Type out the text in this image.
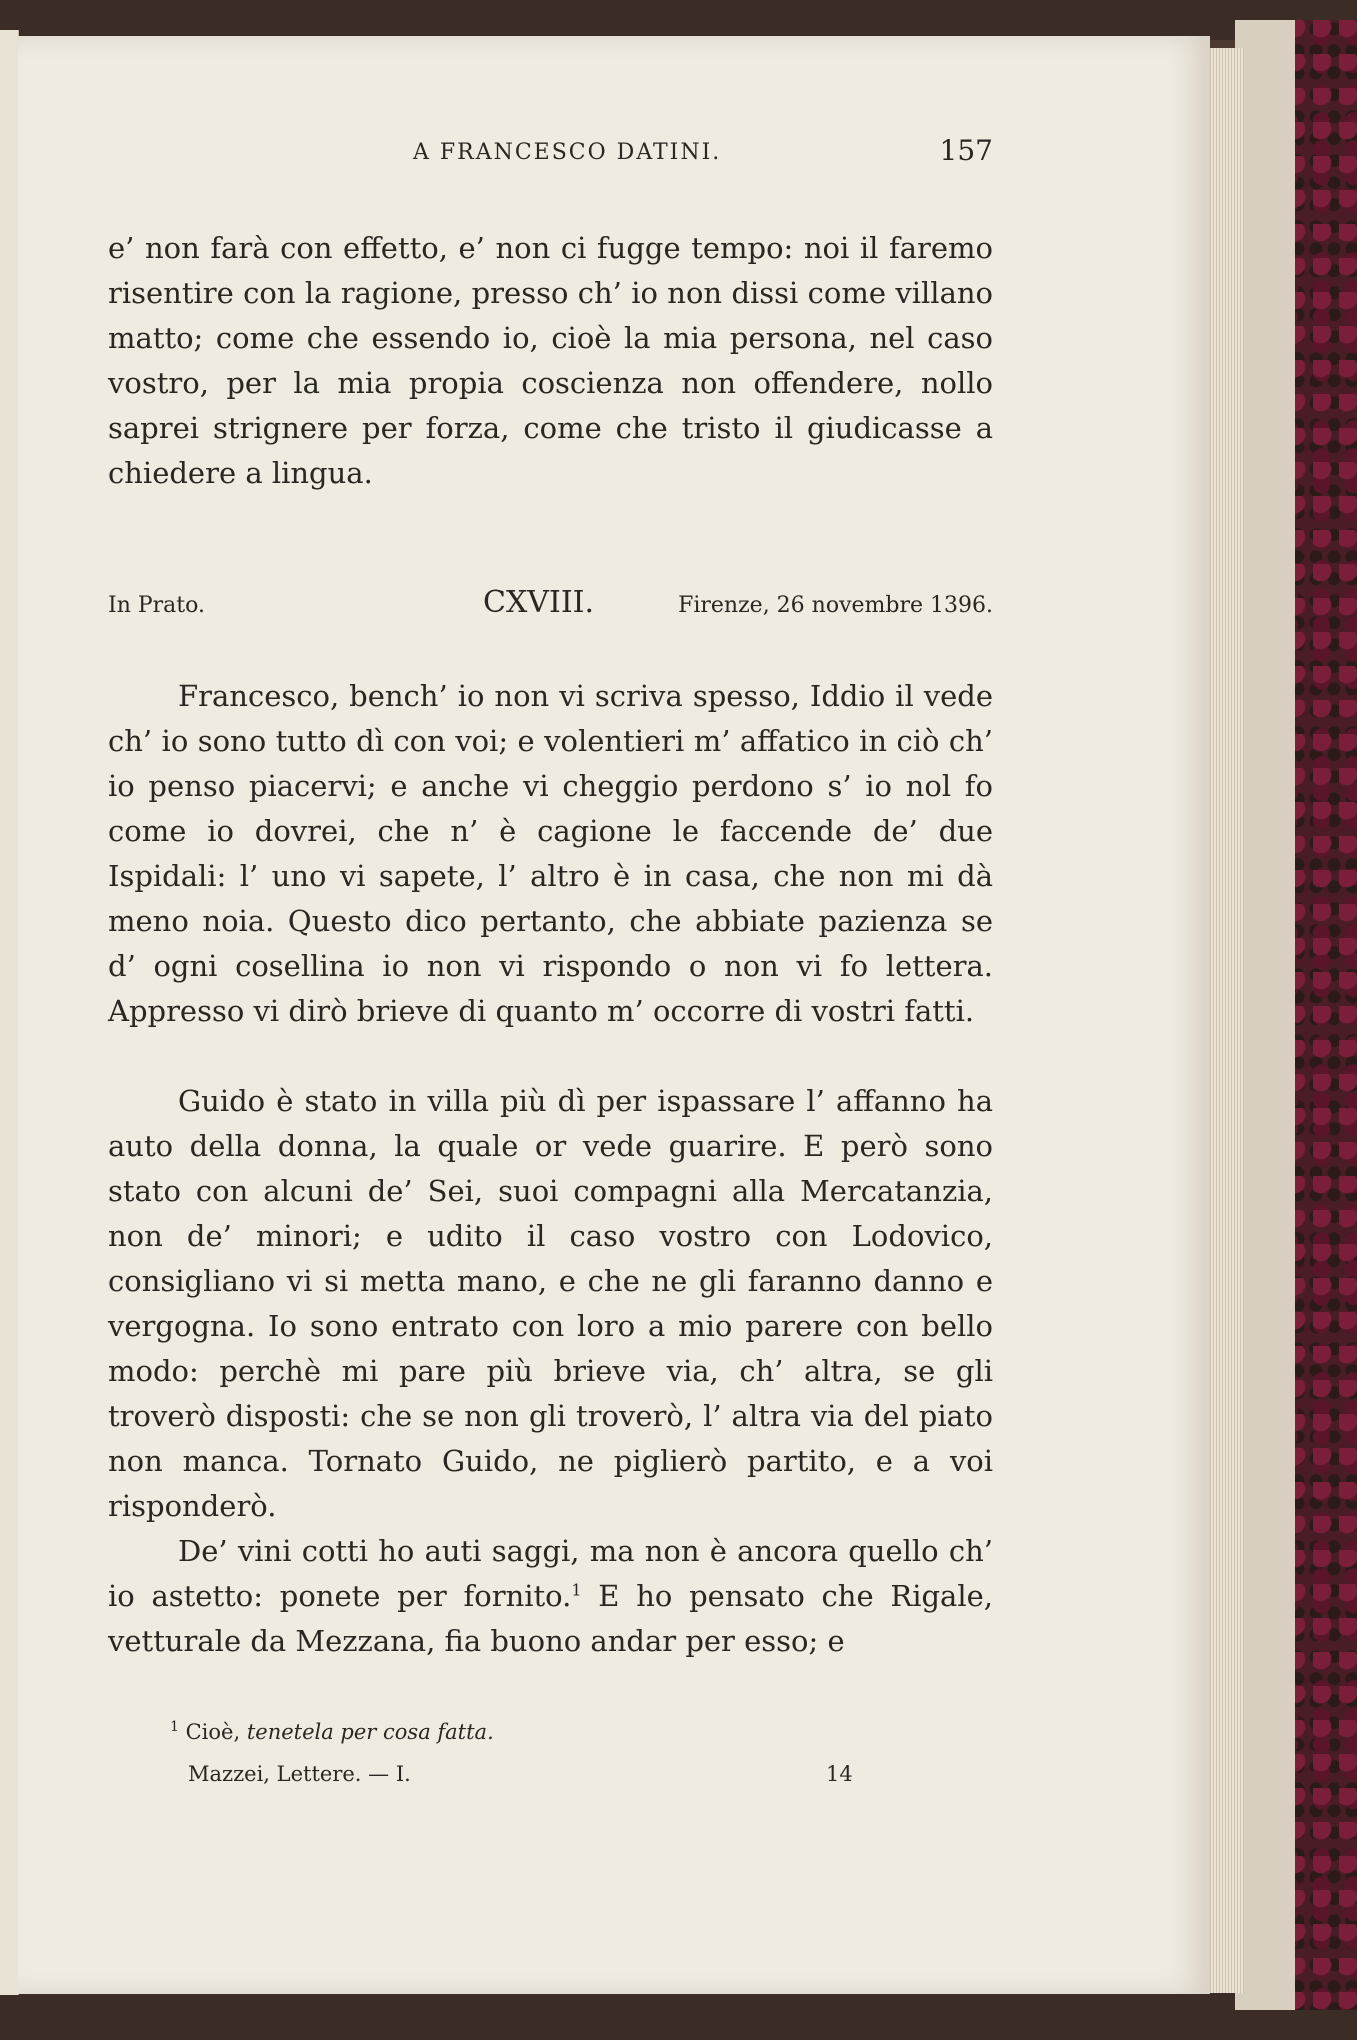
A FRANCESCO DATINI.	157

e’ non farà con effetto, e’ non ci fugge tempo: noi il faremo risentire con la ragione, presso ch’ io non dissi come villano matto; come che essendo io, cioè la mia persona, nel caso vostro, per la mia propia coscienza non offendere, nollo saprei strignere per forza, come che tristo il giudicasse a chiedere a lingua.

In Prato.	CXVIII.	Firenze, 26 novembre 1396.

Francesco, bench’ io non vi scriva spesso, Iddio il vede ch’ io sono tutto dì con voi; e volentieri m’ affatico in ciò ch’ io penso piacervi; e anche vi cheggio perdono s’ io nol fo come io dovrei, che n’ è cagione le faccende de’ due Ispidali: l’ uno vi sapete, l’ altro è in casa, che non mi dà meno noia. Questo dico pertanto, che abbiate pazienza se d’ ogni cosellina io non vi rispondo o non vi fo lettera. Appresso vi dirò brieve di quanto m’ occorre di vostri fatti.

Guido è stato in villa più dì per ispassare l’ affanno ha auto della donna, la quale or vede guarire. E però sono stato con alcuni de’ Sei, suoi compagni alla Mercatanzia, non de’ minori; e udito il caso vostro con Lodovico, consigliano vi si metta mano, e che ne gli faranno danno e vergogna. Io sono entrato con loro a mio parere con bello modo: perchè mi pare più brieve via, ch’ altra, se gli troverò disposti: che se non gli troverò, l’ altra via del piato non manca. Tornato Guido, ne piglierò partito, e a voi risponderò.

De’ vini cotti ho auti saggi, ma non è ancora quello ch’ io astetto: ponete per fornito.$^1$ E ho pensato che Rigale, vetturale da Mezzana, fia buono andar per esso; e

$^1$ Cioè, tenetela per cosa fatta.
Mazzei, Lettere. — I.	14
